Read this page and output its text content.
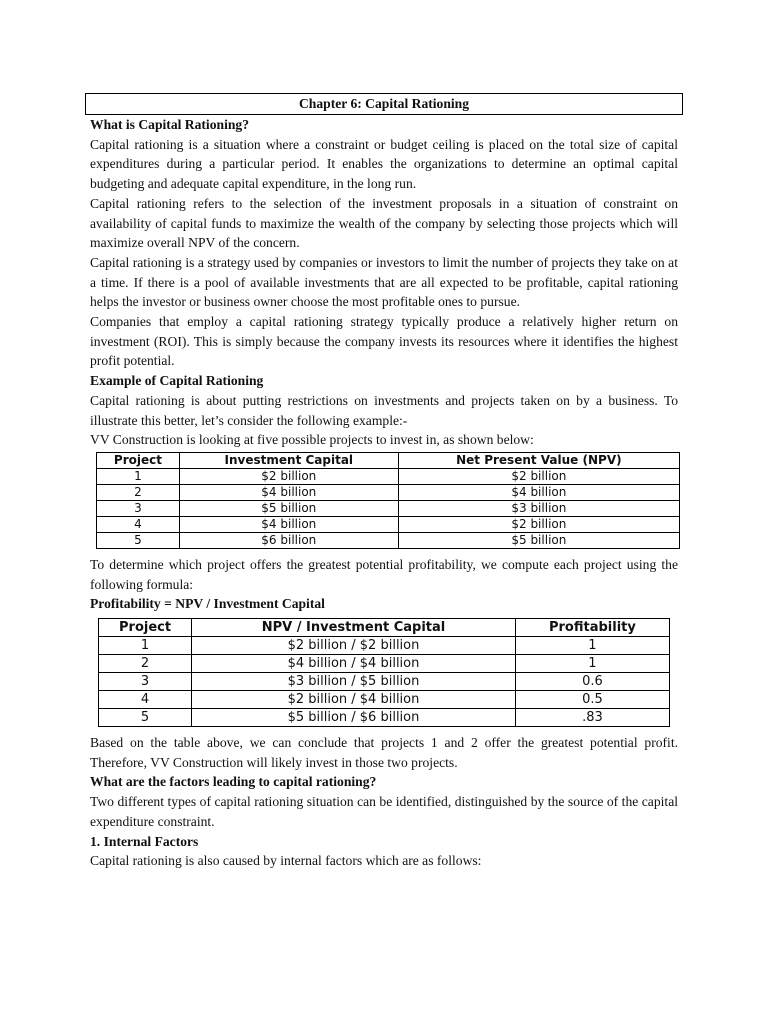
Chapter 6: Capital Rationing

What is Capital Rationing?

Capital rationing is a situation where a constraint or budget ceiling is placed on the total size of capital expenditures during a particular period. It enables the organizations to determine an optimal capital budgeting and adequate capital expenditure, in the long run.

Capital rationing refers to the selection of the investment proposals in a situation of constraint on availability of capital funds to maximize the wealth of the company by selecting those projects which will maximize overall NPV of the concern.

Capital rationing is a strategy used by companies or investors to limit the number of projects they take on at a time. If there is a pool of available investments that are all expected to be profitable, capital rationing helps the investor or business owner choose the most profitable ones to pursue.

Companies that employ a capital rationing strategy typically produce a relatively higher return on investment (ROI). This is simply because the company invests its resources where it identifies the highest profit potential.

Example of Capital Rationing

Capital rationing is about putting restrictions on investments and projects taken on by a business. To illustrate this better, let’s consider the following example:-

VV Construction is looking at five possible projects to invest in, as shown below:

Project	Investment Capital	Net Present Value (NPV)
1	$2 billion	$2 billion
2	$4 billion	$4 billion
3	$5 billion	$3 billion
4	$4 billion	$2 billion
5	$6 billion	$5 billion

To determine which project offers the greatest potential profitability, we compute each project using the following formula:

Profitability = NPV / Investment Capital

Project	NPV / Investment Capital	Profitability
1	$2 billion / $2 billion	1
2	$4 billion / $4 billion	1
3	$3 billion / $5 billion	0.6
4	$2 billion / $4 billion	0.5
5	$5 billion / $6 billion	.83

Based on the table above, we can conclude that projects 1 and 2 offer the greatest potential profit. Therefore, VV Construction will likely invest in those two projects.

What are the factors leading to capital rationing?

Two different types of capital rationing situation can be identified, distinguished by the source of the capital expenditure constraint.

1. Internal Factors

Capital rationing is also caused by internal factors which are as follows:
